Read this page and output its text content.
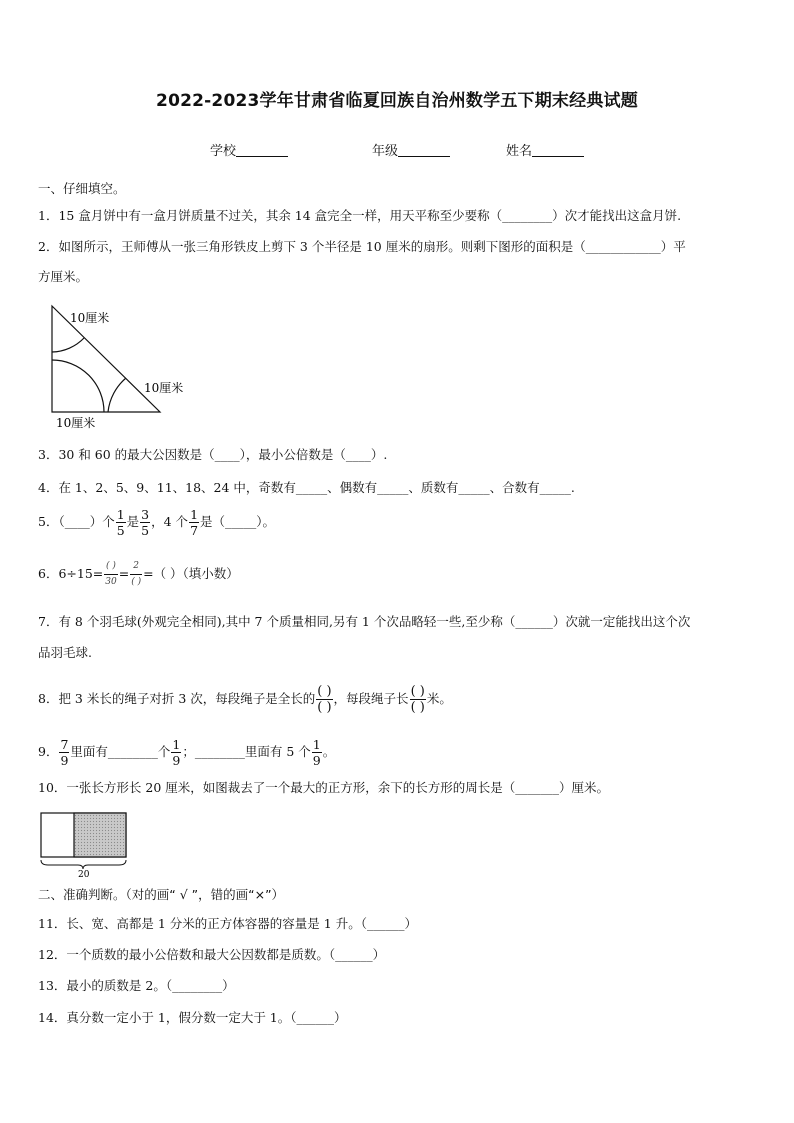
2022-2023学年甘肃省临夏回族自治州数学五下期末经典试题
学校	年级	姓名
一、仔细填空。
1．15 盒月饼中有一盒月饼质量不过关，其余 14 盒完全一样，用天平称至少要称（________）次才能找出这盒月饼.
2．如图所示，王师傅从一张三角形铁皮上剪下 3 个半径是 10 厘米的扇形。则剩下图形的面积是（____________）平
方厘米。
10厘米
10厘米
10厘米
3．30 和 60 的最大公因数是（____），最小公倍数是（____）.
4．在 1、2、5、9、11、18、24 中，奇数有_____、偶数有_____、质数有_____、合数有_____.
5．（____）个 $\frac{1}{5}$ 是 $\frac{3}{5}$ ，4 个 $\frac{1}{7}$ 是（_____）。
6．$6\div 15= \frac{( )}{30} = \frac{2}{( )}$ =（ ）（填小数）
7．有 8 个羽毛球(外观完全相同),其中 7 个质量相同,另有 1 个次品略轻一些,至少称（______）次就一定能找出这个次
品羽毛球.
8．把 3 米长的绳子对折 3 次，每段绳子是全长的 $\frac{( )}{( )}$ ，每段绳子长 $\frac{( )}{( )}$ 米。
9． $\frac{7}{9}$ 里面有________个 $\frac{1}{9}$ ；________里面有 5 个 $\frac{1}{9}$ 。
10．一张长方形长 20 厘米，如图裁去了一个最大的正方形，余下的长方形的周长是（_______）厘米。
20
二、准确判断。（对的画“ √ ”，错的画“×”）
11．长、宽、高都是 1 分米的正方体容器的容量是 1 升。（______）
12．一个质数的最小公倍数和最大公因数都是质数。（______）
13．最小的质数是 2。（________）
14．真分数一定小于 1，假分数一定大于 1。（______）
